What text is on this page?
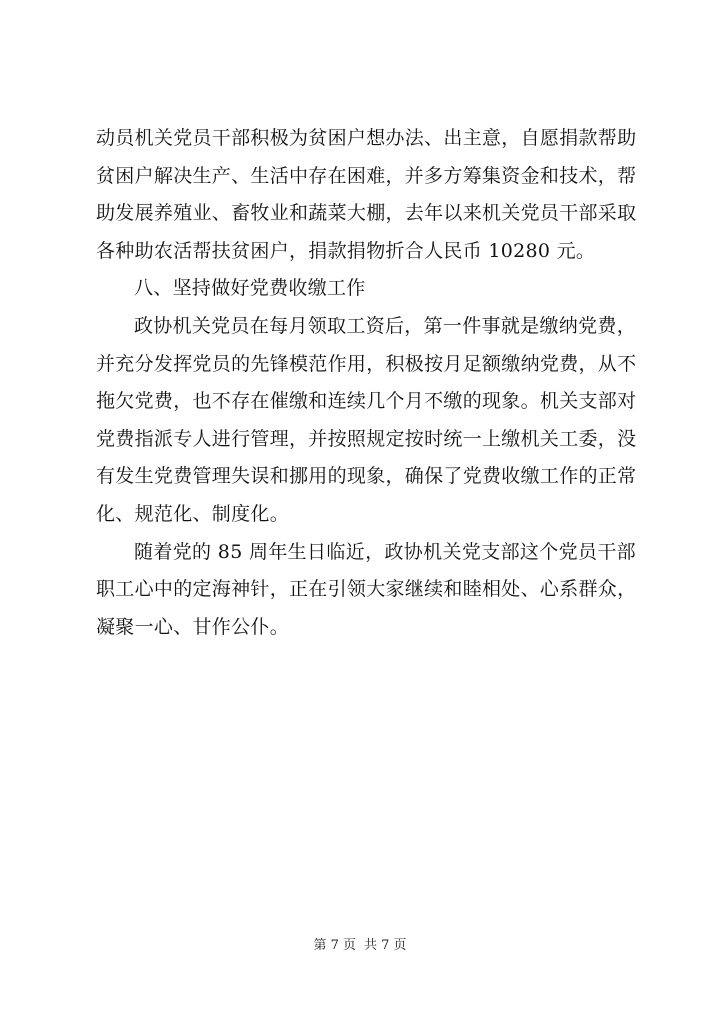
动员机关党员干部积极为贫困户想办法、出主意，自愿捐款帮助
贫困户解决生产、生活中存在困难，并多方筹集资金和技术，帮
助发展养殖业、畜牧业和蔬菜大棚，去年以来机关党员干部采取
各种助农活帮扶贫困户，捐款捐物折合人民币 10280 元。
八、坚持做好党费收缴工作
政协机关党员在每月领取工资后，第一件事就是缴纳党费，
并充分发挥党员的先锋模范作用，积极按月足额缴纳党费，从不
拖欠党费，也不存在催缴和连续几个月不缴的现象。机关支部对
党费指派专人进行管理，并按照规定按时统一上缴机关工委，没
有发生党费管理失误和挪用的现象，确保了党费收缴工作的正常
化、规范化、制度化。
随着党的 85 周年生日临近，政协机关党支部这个党员干部
职工心中的定海神针，正在引领大家继续和睦相处、心系群众，
凝聚一心、甘作公仆。
第 7 页 共 7 页
